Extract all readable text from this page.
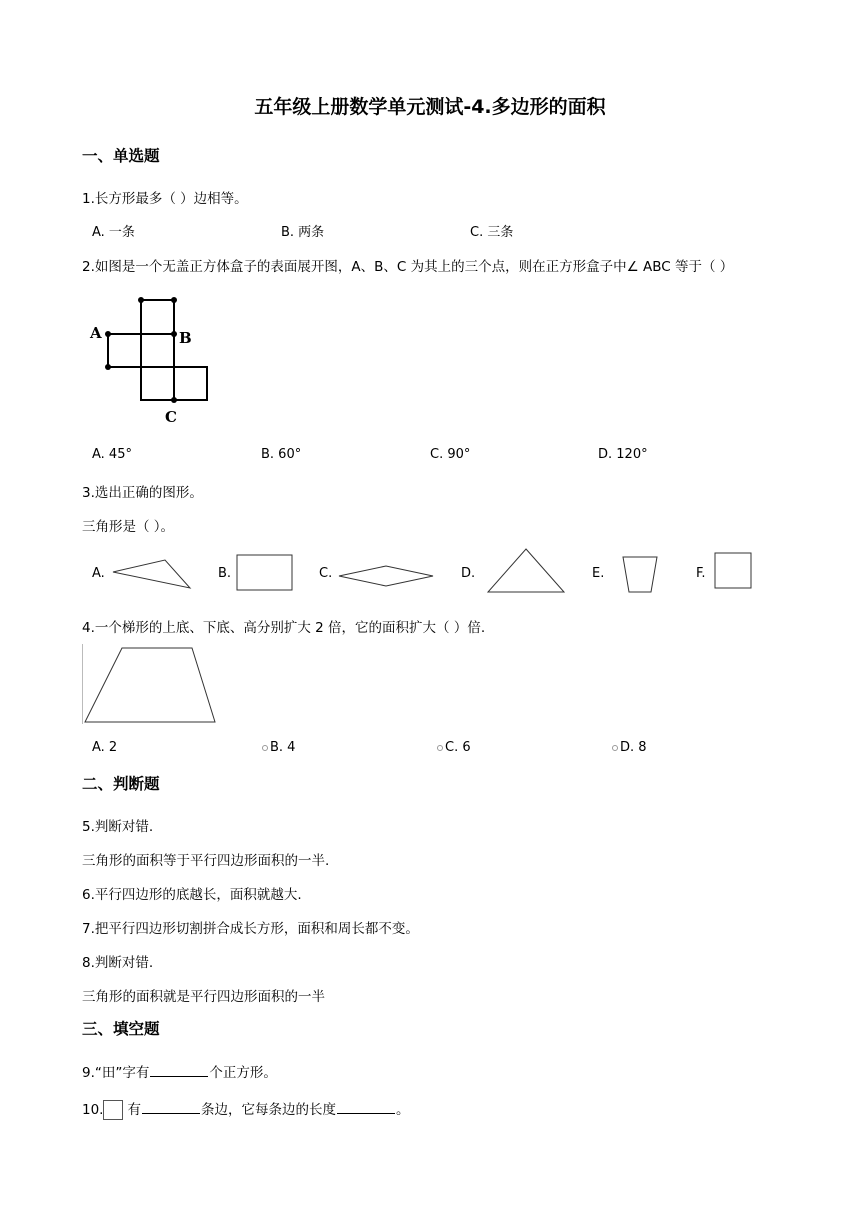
五年级上册数学单元测试-4.多边形的面积
一、单选题
1.长方形最多（ ）边相等。
A. 一条	B. 两条	C. 三条
2.如图是一个无盖正方体盒子的表面展开图，A、B、C 为其上的三个点，则在正方形盒子中∠ ABC 等于（ ）
A	B
C
A. 45°	B. 60°	C. 90°	D. 120°
3.选出正确的图形。
三角形是（ ）。
A.	B.	C.	D.	E.	F.
4.一个梯形的上底、下底、高分别扩大 2 倍，它的面积扩大（ ）倍.
A. 2	B. 4	C. 6	D. 8
二、判断题
5.判断对错.
三角形的面积等于平行四边形面积的一半.
6.平行四边形的底越长，面积就越大.
7.把平行四边形切割拼合成长方形，面积和周长都不变。
8.判断对错.
三角形的面积就是平行四边形面积的一半
三、填空题
9.“田”字有	个正方形。
10. 有	条边，它每条边的长度	。
